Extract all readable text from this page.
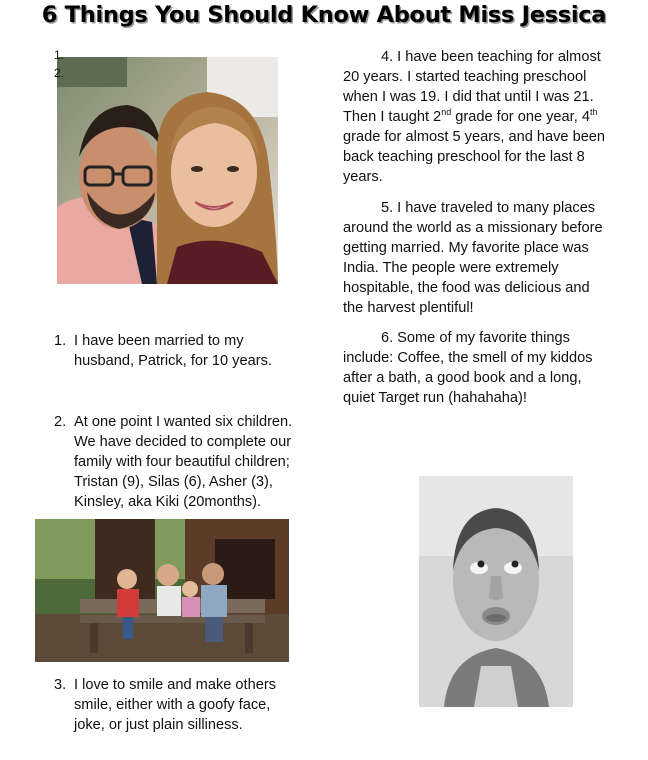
6 Things You Should Know About Miss Jessica
1.
2.
1. I have been married to my husband, Patrick, for 10 years.
2. At one point I wanted six children. We have decided to complete our family with four beautiful children; Tristan (9), Silas (6), Asher (3), Kinsley, aka Kiki (20months).
3. I love to smile and make others smile, either with a goofy face, joke, or just plain silliness.
4. I have been teaching for almost 20 years. I started teaching preschool when I was 19. I did that until I was 21. Then I taught 2nd grade for one year, 4th grade for almost 5 years, and have been back teaching preschool for the last 8 years.
5. I have traveled to many places around the world as a missionary before getting married. My favorite place was India. The people were extremely hospitable, the food was delicious and the harvest plentiful!
6. Some of my favorite things include: Coffee, the smell of my kiddos after a bath, a good book and a long, quiet Target run (hahahaha)!
